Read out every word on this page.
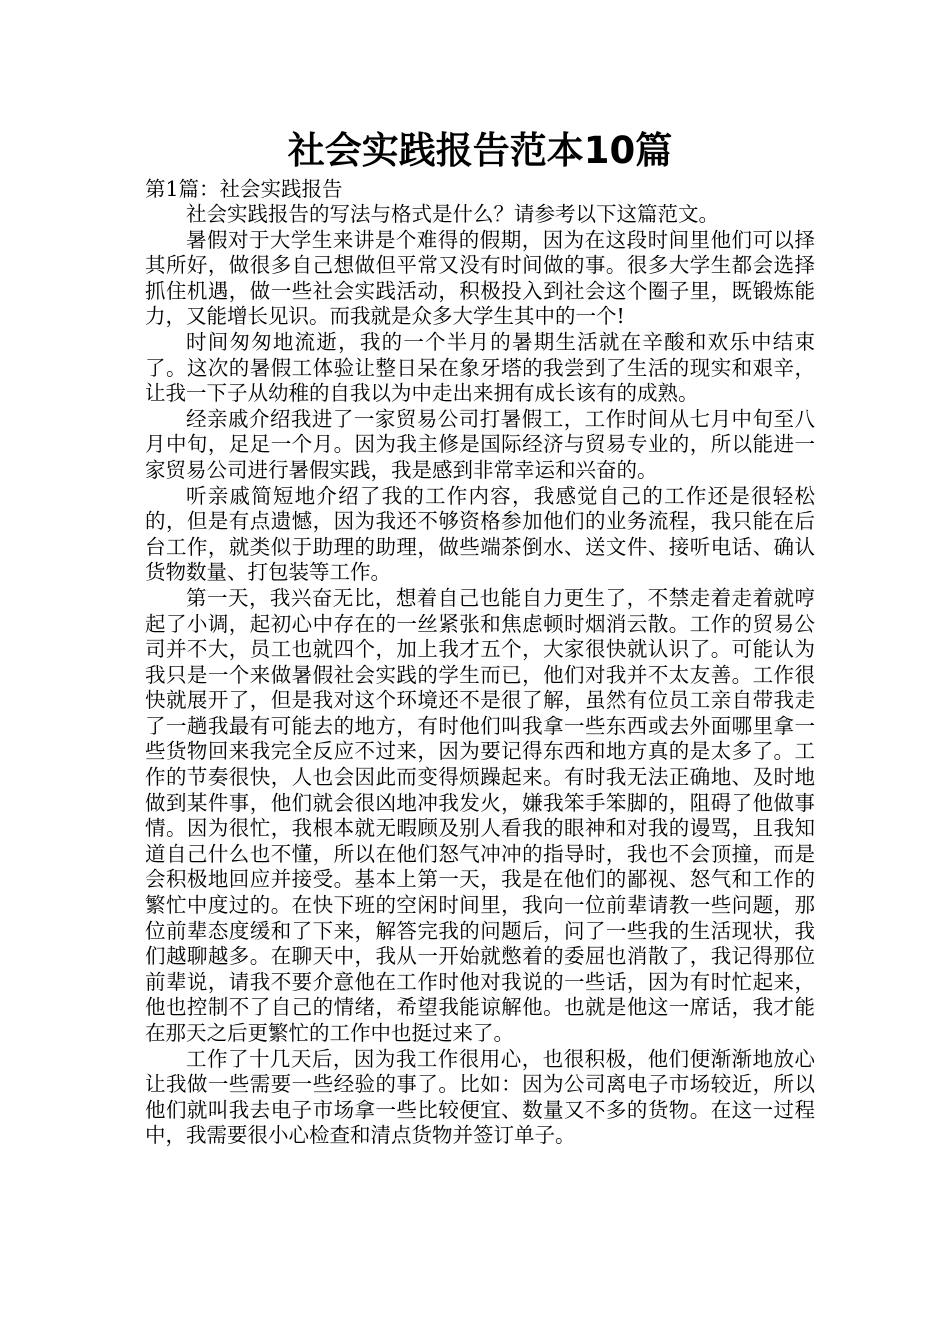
社会实践报告范本10篇

第1篇：社会实践报告

社会实践报告的写法与格式是什么？请参考以下这篇范文。

暑假对于大学生来讲是个难得的假期，因为在这段时间里他们可以择其所好，做很多自己想做但平常又没有时间做的事。很多大学生都会选择抓住机遇，做一些社会实践活动，积极投入到社会这个圈子里，既锻炼能力，又能增长见识。而我就是众多大学生其中的一个!

时间匆匆地流逝，我的一个半月的暑期生活就在辛酸和欢乐中结束了。这次的暑假工体验让整日呆在象牙塔的我尝到了生活的现实和艰辛，让我一下子从幼稚的自我以为中走出来拥有成长该有的成熟。

经亲戚介绍我进了一家贸易公司打暑假工，工作时间从七月中旬至八月中旬，足足一个月。因为我主修是国际经济与贸易专业的，所以能进一家贸易公司进行暑假实践，我是感到非常幸运和兴奋的。

听亲戚简短地介绍了我的工作内容，我感觉自己的工作还是很轻松的，但是有点遗憾，因为我还不够资格参加他们的业务流程，我只能在后台工作，就类似于助理的助理，做些端茶倒水、送文件、接听电话、确认货物数量、打包装等工作。

第一天，我兴奋无比，想着自己也能自力更生了，不禁走着走着就哼起了小调，起初心中存在的一丝紧张和焦虑顿时烟消云散。工作的贸易公司并不大，员工也就四个，加上我才五个，大家很快就认识了。可能认为我只是一个来做暑假社会实践的学生而已，他们对我并不太友善。工作很快就展开了，但是我对这个环境还不是很了解，虽然有位员工亲自带我走了一趟我最有可能去的地方，有时他们叫我拿一些东西或去外面哪里拿一些货物回来我完全反应不过来，因为要记得东西和地方真的是太多了。工作的节奏很快，人也会因此而变得烦躁起来。有时我无法正确地、及时地做到某件事，他们就会很凶地冲我发火，嫌我笨手笨脚的，阻碍了他做事情。因为很忙，我根本就无暇顾及别人看我的眼神和对我的谩骂，且我知道自己什么也不懂，所以在他们怒气冲冲的指导时，我也不会顶撞，而是会积极地回应并接受。基本上第一天，我是在他们的鄙视、怒气和工作的繁忙中度过的。在快下班的空闲时间里，我向一位前辈请教一些问题，那位前辈态度缓和了下来，解答完我的问题后，问了一些我的生活现状，我们越聊越多。在聊天中，我从一开始就憋着的委屈也消散了，我记得那位前辈说，请我不要介意他在工作时他对我说的一些话，因为有时忙起来，他也控制不了自己的情绪，希望我能谅解他。也就是他这一席话，我才能在那天之后更繁忙的工作中也挺过来了。

工作了十几天后，因为我工作很用心，也很积极，他们便渐渐地放心让我做一些需要一些经验的事了。比如：因为公司离电子市场较近，所以他们就叫我去电子市场拿一些比较便宜、数量又不多的货物。在这一过程中，我需要很小心检查和清点货物并签订单子。
